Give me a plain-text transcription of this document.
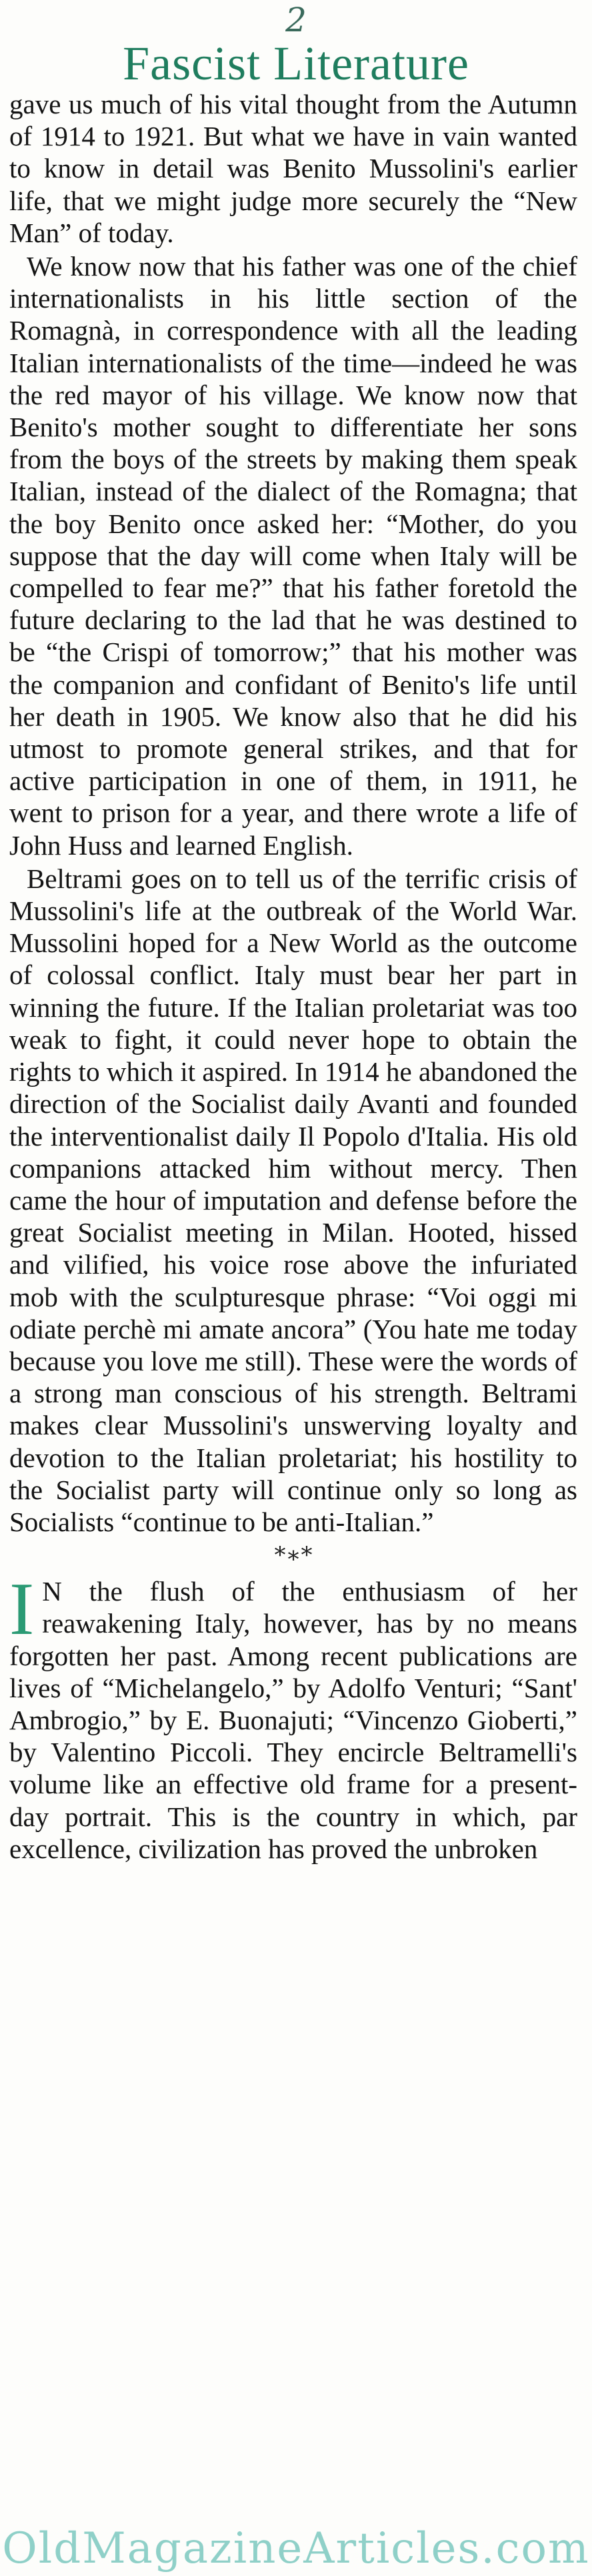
2
Fascist Literature

gave us much of his vital thought from the Autumn of 1914 to 1921. But what we have in vain wanted to know in detail was Benito Mussolini's earlier life, that we might judge more securely the “New Man” of today.

We know now that his father was one of the chief internationalists in his little section of the Romagnà, in correspondence with all the leading Italian internationalists of the time—indeed he was the red mayor of his village. We know now that Benito's mother sought to differentiate her sons from the boys of the streets by making them speak Italian, instead of the dialect of the Romagna; that the boy Benito once asked her: “Mother, do you suppose that the day will come when Italy will be compelled to fear me?” that his father foretold the future declaring to the lad that he was destined to be “the Crispi of tomorrow;” that his mother was the companion and confidant of Benito's life until her death in 1905. We know also that he did his utmost to promote general strikes, and that for active participation in one of them, in 1911, he went to prison for a year, and there wrote a life of John Huss and learned English.

Beltrami goes on to tell us of the terrific crisis of Mussolini's life at the outbreak of the World War. Mussolini hoped for a New World as the outcome of colossal conflict. Italy must bear her part in winning the future. If the Italian proletariat was too weak to fight, it could never hope to obtain the rights to which it aspired. In 1914 he abandoned the direction of the Socialist daily Avanti and founded the interventionalist daily Il Popolo d'Italia. His old companions attacked him without mercy. Then came the hour of imputation and defense before the great Socialist meeting in Milan. Hooted, hissed and vilified, his voice rose above the infuriated mob with the sculpturesque phrase: “Voi oggi mi odiate perchè mi amate ancora” (You hate me today because you love me still). These were the words of a strong man conscious of his strength. Beltrami makes clear Mussolini's unswerving loyalty and devotion to the Italian proletariat; his hostility to the Socialist party will continue only so long as Socialists “continue to be anti-Italian.”

*∗*

I N the flush of the enthusiasm of her reawakening Italy, however, has by no means forgotten her past. Among recent publications are lives of “Michelangelo,” by Adolfo Venturi; “Sant' Ambrogio,” by E. Buonajuti; “Vincenzo Gioberti,” by Valentino Piccoli. They encircle Beltramelli's volume like an effective old frame for a present-day portrait. This is the country in which, par excellence, civilization has proved the unbroken

OldMagazineArticles.com
